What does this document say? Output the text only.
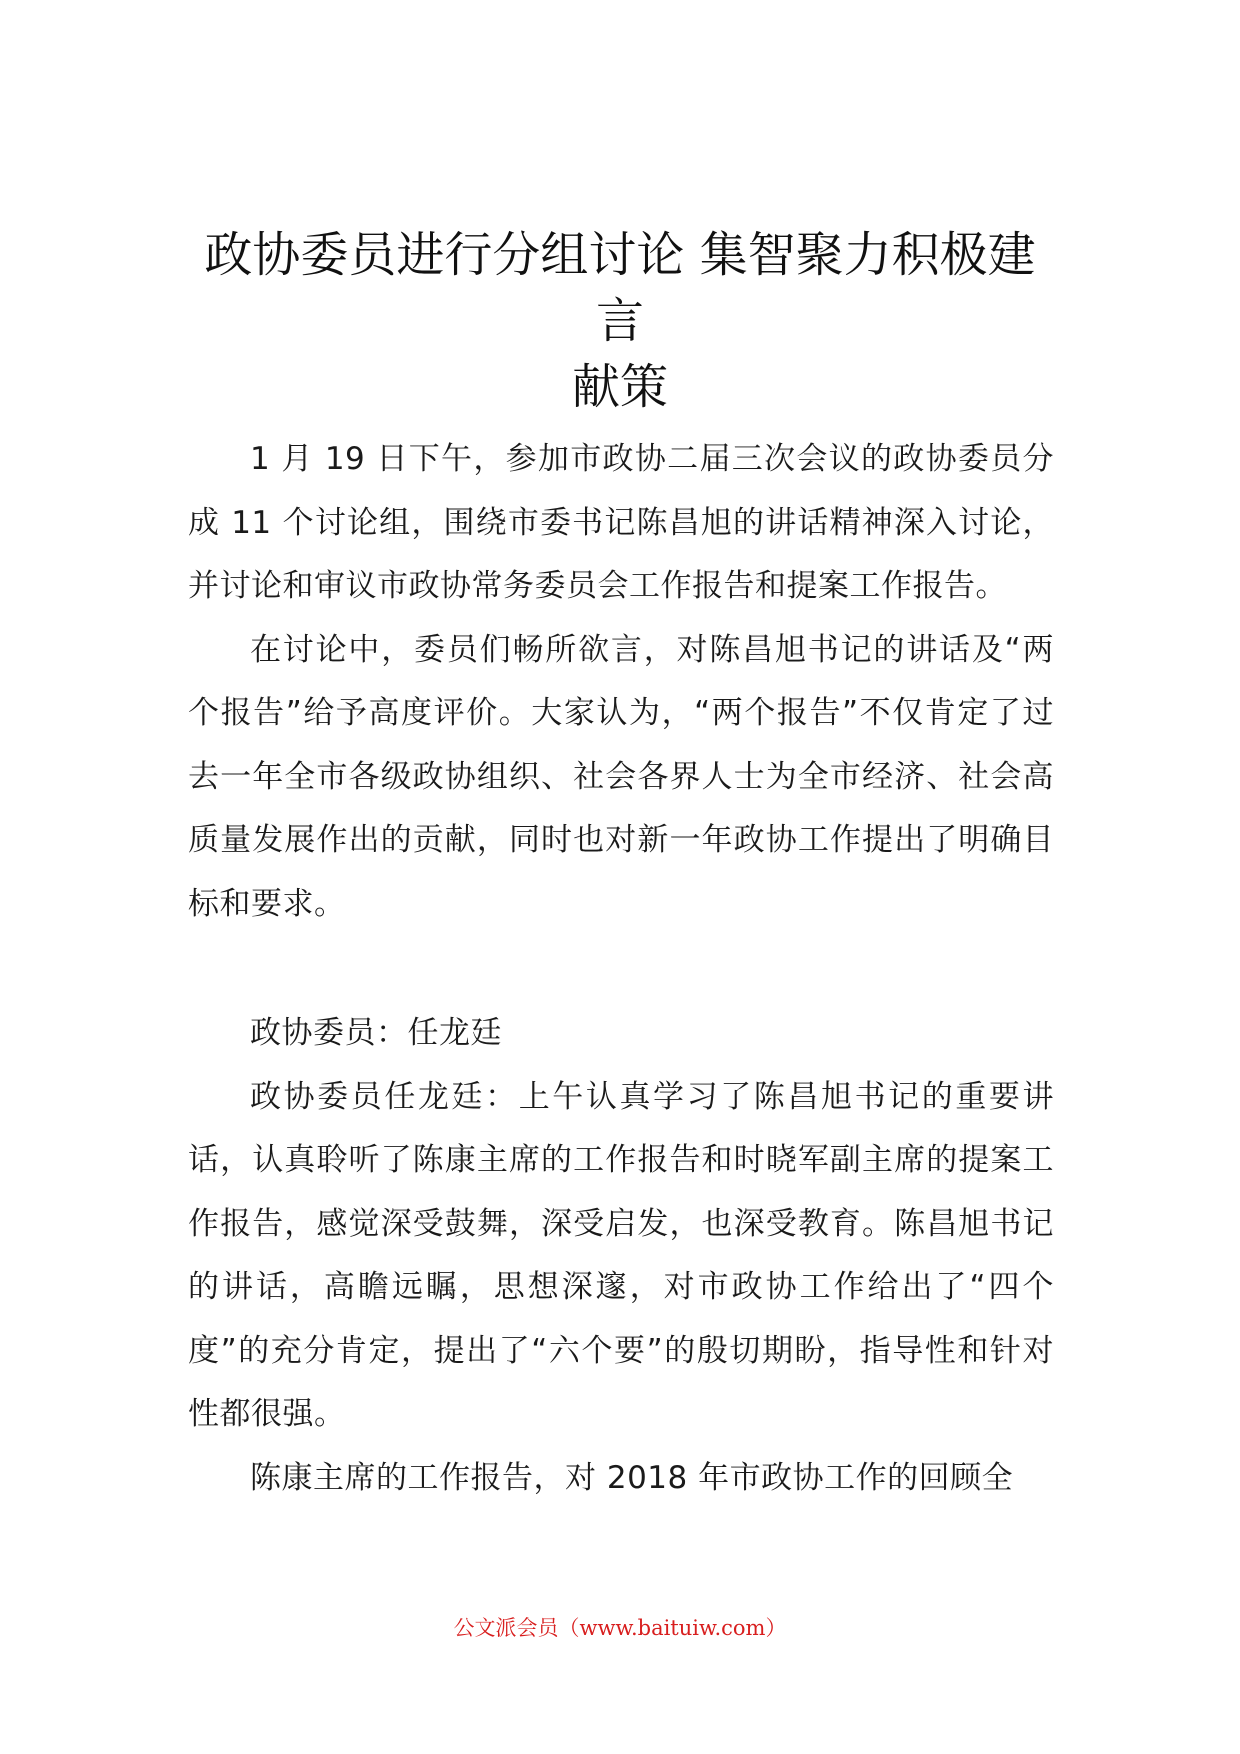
政协委员进行分组讨论 集智聚力积极建言
献策

1 月 19 日下午，参加市政协二届三次会议的政协委员分成 11 个讨论组，围绕市委书记陈昌旭的讲话精神深入讨论，并讨论和审议市政协常务委员会工作报告和提案工作报告。

在讨论中，委员们畅所欲言，对陈昌旭书记的讲话及“两个报告”给予高度评价。大家认为，“两个报告”不仅肯定了过去一年全市各级政协组织、社会各界人士为全市经济、社会高质量发展作出的贡献，同时也对新一年政协工作提出了明确目标和要求。

政协委员：任龙廷

政协委员任龙廷：上午认真学习了陈昌旭书记的重要讲话，认真聆听了陈康主席的工作报告和时晓军副主席的提案工作报告，感觉深受鼓舞，深受启发，也深受教育。陈昌旭书记的讲话，高瞻远瞩，思想深邃，对市政协工作给出了“四个度”的充分肯定，提出了“六个要”的殷切期盼，指导性和针对性都很强。

陈康主席的工作报告，对 2018 年市政协工作的回顾全

公文派会员（www.baituiw.com）
